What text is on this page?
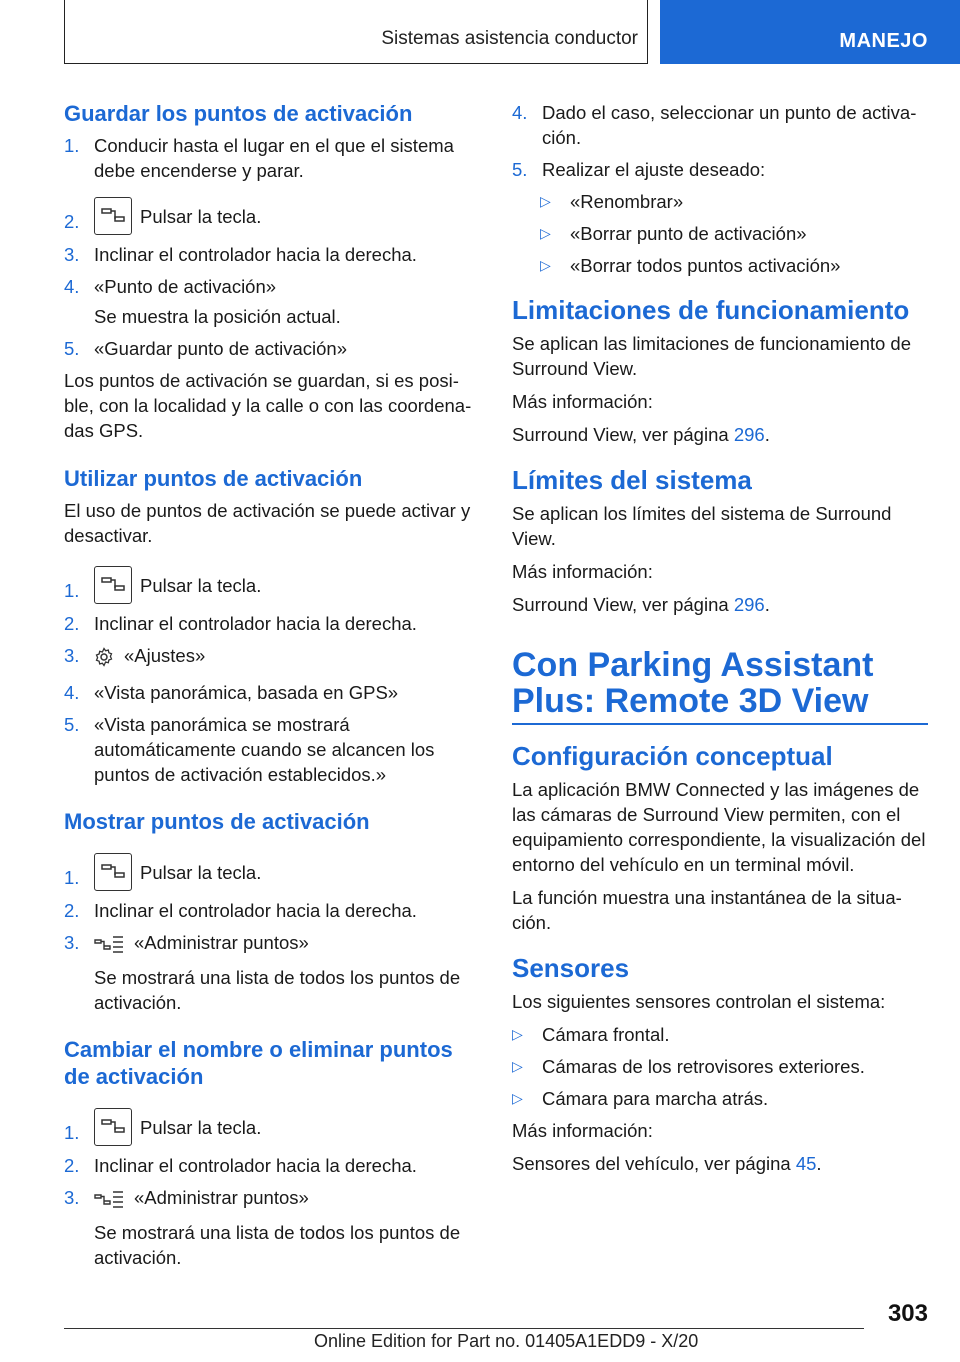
Sistemas asistencia conductor	MANEJO
Guardar los puntos de activación
1. Conducir hasta el lugar en el que el sistema debe encenderse y parar.
2.	Pulsar la tecla.
3. Inclinar el controlador hacia la derecha.
4. «Punto de activación»
Se muestra la posición actual.
5. «Guardar punto de activación»

Los puntos de activación se guardan, si es posible, con la localidad y la calle o con las coordenadas GPS.

Utilizar puntos de activación

El uso de puntos de activación se puede activar y desactivar.

1.	Pulsar la tecla.
2. Inclinar el controlador hacia la derecha.
3. «Ajustes»
4. «Vista panorámica, basada en GPS»
5. «Vista panorámica se mostrará automáticamente cuando se alcancen los puntos de activación establecidos.»
Mostrar puntos de activación
1.	Pulsar la tecla.
2. Inclinar el controlador hacia la derecha.
3.	«Administrar puntos»
Se mostrará una lista de todos los puntos de activación.
Cambiar el nombre o eliminar puntos de activación
1.	Pulsar la tecla.
2. Inclinar el controlador hacia la derecha.
3.	«Administrar puntos»
Se mostrará una lista de todos los puntos de activación.
4. Dado el caso, seleccionar un punto de activación.
5. Realizar el ajuste deseado:
▷ «Renombrar»
▷ «Borrar punto de activación»
▷ «Borrar todos puntos activación»
Limitaciones de funcionamiento

Se aplican las limitaciones de funcionamiento de Surround View.

Más información:

Surround View, ver página 296.

Límites del sistema

Se aplican los límites del sistema de Surround View.

Más información:

Surround View, ver página 296.

Con Parking Assistant Plus: Remote 3D View
Configuración conceptual

La aplicación BMW Connected y las imágenes de las cámaras de Surround View permiten, con el equipamiento correspondiente, la visualización del entorno del vehículo en un terminal móvil.

La función muestra una instantánea de la situación.

Sensores

Los siguientes sensores controlan el sistema:

▷ Cámara frontal.
▷ Cámaras de los retrovisores exteriores.
▷ Cámara para marcha atrás.

Más información:

Sensores del vehículo, ver página 45.

303
Online Edition for Part no. 01405A1EDD9 - X/20
